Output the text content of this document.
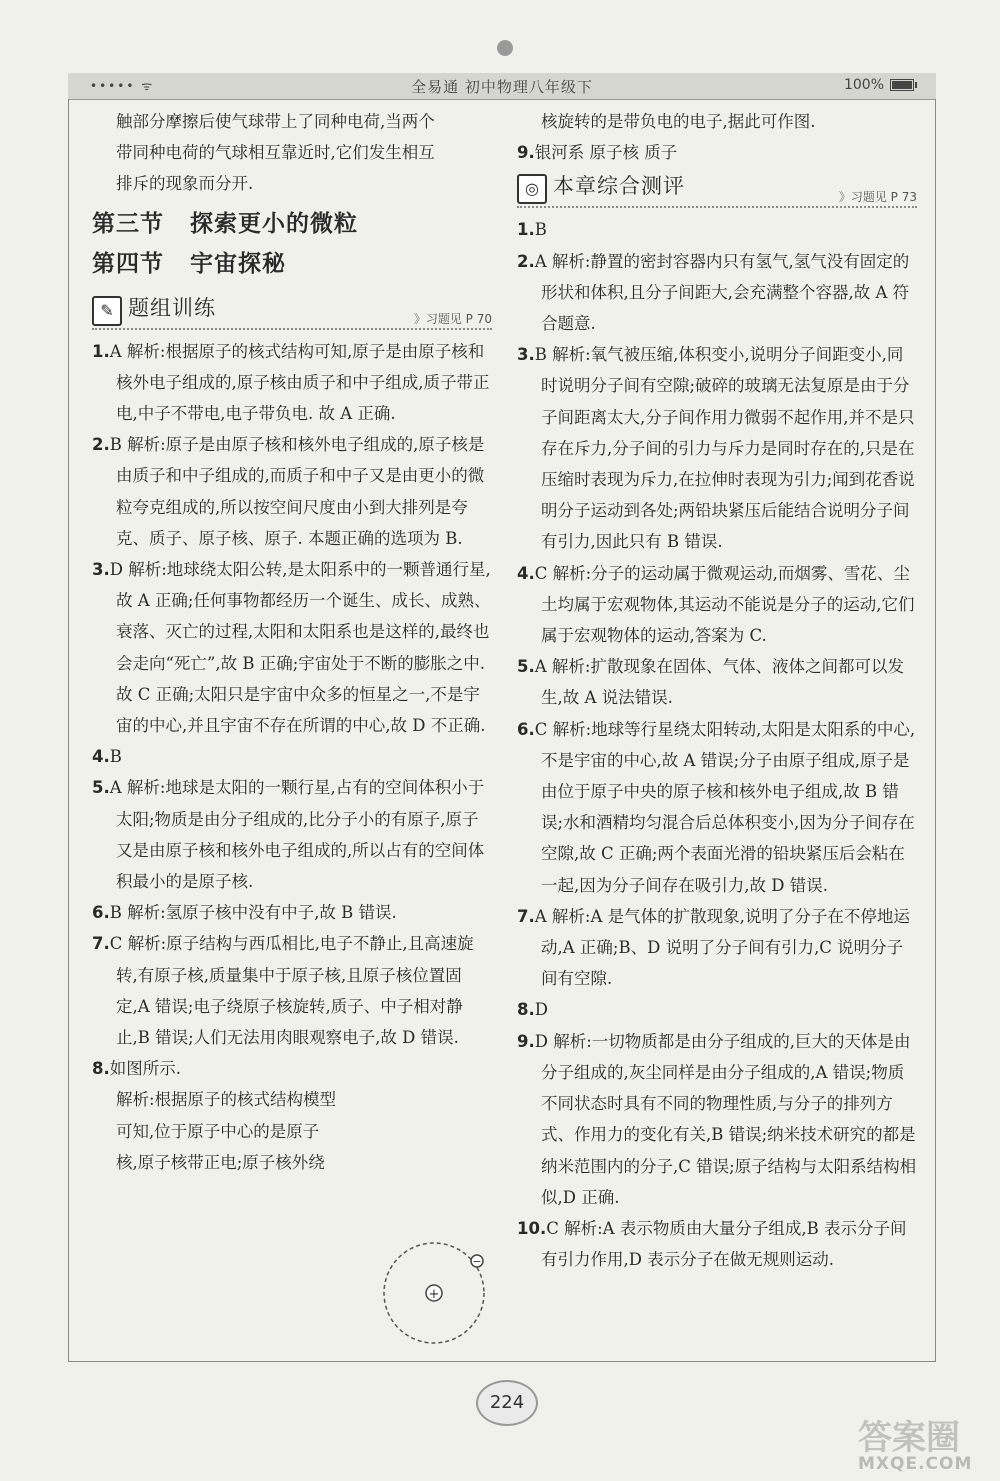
••••• ᯤ	全易通 初中物理八年级下	100%

触部分摩擦后使气球带上了同种电荷,当两个

带同种电荷的气球相互靠近时,它们发生相互

排斥的现象而分开.

第三节 探索更小的微粒

第四节 宇宙探秘

✎ 题组训练	》习题见 P 70

1.A 解析:根据原子的核式结构可知,原子是由原子核和核外电子组成的,原子核由质子和中子组成,质子带正电,中子不带电,电子带负电. 故 A 正确.

2.B 解析:原子是由原子核和核外电子组成的,原子核是由质子和中子组成的,而质子和中子又是由更小的微粒夸克组成的,所以按空间尺度由小到大排列是夸克、质子、原子核、原子. 本题正确的选项为 B.

3.D 解析:地球绕太阳公转,是太阳系中的一颗普通行星,故 A 正确;任何事物都经历一个诞生、成长、成熟、衰落、灭亡的过程,太阳和太阳系也是这样的,最终也会走向“死亡”,故 B 正确;宇宙处于不断的膨胀之中. 故 C 正确;太阳只是宇宙中众多的恒星之一,不是宇宙的中心,并且宇宙不存在所谓的中心,故 D 不正确.

4.B

5.A 解析:地球是太阳的一颗行星,占有的空间体积小于太阳;物质是由分子组成的,比分子小的有原子,原子又是由原子核和核外电子组成的,所以占有的空间体积最小的是原子核.

6.B 解析:氢原子核中没有中子,故 B 错误.

7.C 解析:原子结构与西瓜相比,电子不静止,且高速旋转,有原子核,质量集中于原子核,且原子核位置固定,A 错误;电子绕原子核旋转,质子、中子相对静止,B 错误;人们无法用肉眼观察电子,故 D 错误.

8.如图所示.

解析:根据原子的核式结构模型

可知,位于原子中心的是原子

核,原子核带正电;原子核外绕

+
−

核旋转的是带负电的电子,据此可作图.

9.银河系 原子核 质子

◎ 本章综合测评	》习题见 P 73

1.B

2.A 解析:静置的密封容器内只有氢气,氢气没有固定的形状和体积,且分子间距大,会充满整个容器,故 A 符合题意.

3.B 解析:氧气被压缩,体积变小,说明分子间距变小,同时说明分子间有空隙;破碎的玻璃无法复原是由于分子间距离太大,分子间作用力微弱不起作用,并不是只存在斥力,分子间的引力与斥力是同时存在的,只是在压缩时表现为斥力,在拉伸时表现为引力;闻到花香说明分子运动到各处;两铅块紧压后能结合说明分子间有引力,因此只有 B 错误.

4.C 解析:分子的运动属于微观运动,而烟雾、雪花、尘土均属于宏观物体,其运动不能说是分子的运动,它们属于宏观物体的运动,答案为 C.

5.A 解析:扩散现象在固体、气体、液体之间都可以发生,故 A 说法错误.

6.C 解析:地球等行星绕太阳转动,太阳是太阳系的中心,不是宇宙的中心,故 A 错误;分子由原子组成,原子是由位于原子中央的原子核和核外电子组成,故 B 错误;水和酒精均匀混合后总体积变小,因为分子间存在空隙,故 C 正确;两个表面光滑的铅块紧压后会粘在一起,因为分子间存在吸引力,故 D 错误.

7.A 解析:A 是气体的扩散现象,说明了分子在不停地运动,A 正确;B、D 说明了分子间有引力,C 说明分子间有空隙.

8.D

9.D 解析:一切物质都是由分子组成的,巨大的天体是由分子组成的,灰尘同样是由分子组成的,A 错误;物质不同状态时具有不同的物理性质,与分子的排列方式、作用力的变化有关,B 错误;纳米技术研究的都是纳米范围内的分子,C 错误;原子结构与太阳系结构相似,D 正确.

10.C 解析:A 表示物质由大量分子组成,B 表示分子间有引力作用,D 表示分子在做无规则运动.

224
答案圈
MXQE.COM
